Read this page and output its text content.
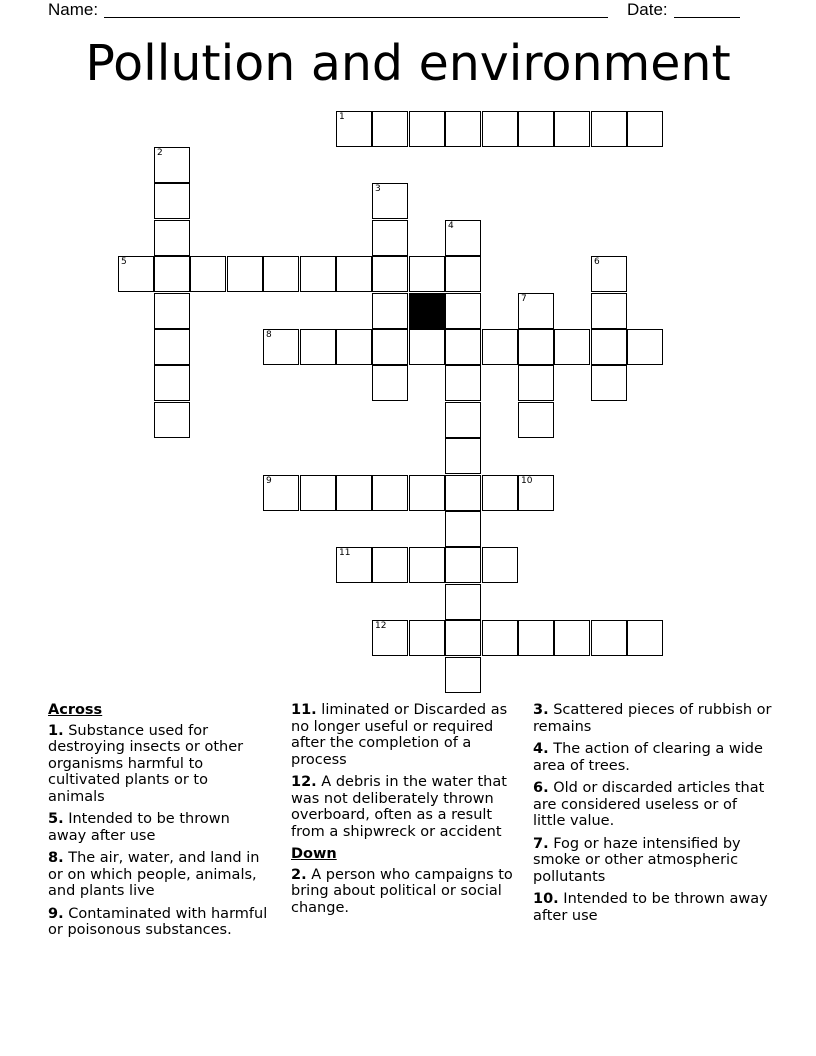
Name:	Date:
Pollution and environment
1
2
3
4
5	6
7
8
9	10
11
12
Across
1. Substance used for destroying insects or other organisms harmful to cultivated plants or to animals
5. Intended to be thrown away after use
8. The air, water, and land in or on which people, animals, and plants live
9. Contaminated with harmful or poisonous substances.
11. liminated or Discarded as no longer useful or required after the completion of a process
12. A debris in the water that was not deliberately thrown overboard, often as a result from a shipwreck or accident
Down
2. A person who campaigns to bring about political or social change.
3. Scattered pieces of rubbish or remains
4. The action of clearing a wide area of trees.
6. Old or discarded articles that are considered useless or of little value.
7. Fog or haze intensified by smoke or other atmospheric pollutants
10. Intended to be thrown away after use
